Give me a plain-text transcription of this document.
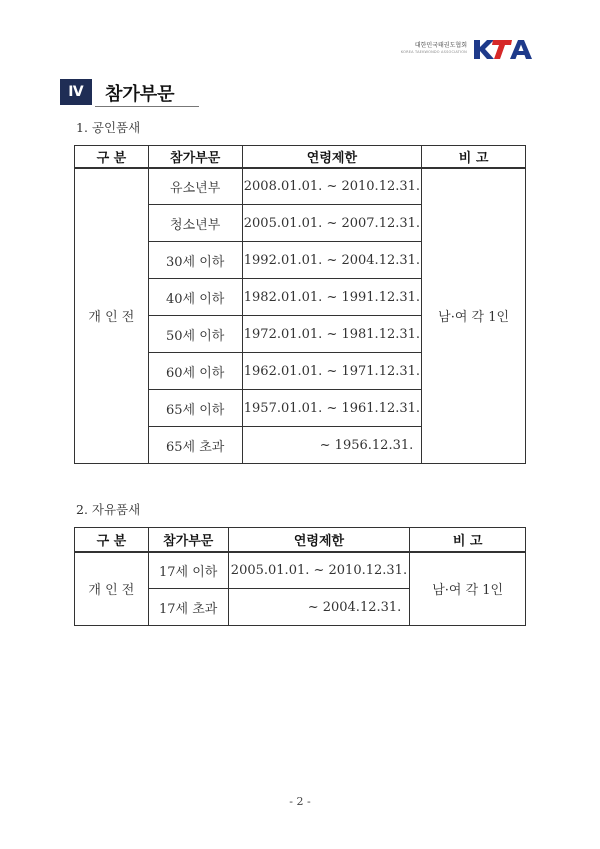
대한민국태권도협회
KOREA TAEKWONDO ASSOCIATION
Ⅳ	참가부문
1. 공인품새
구 분	참가부문	연령제한	비 고
개 인 전	유소년부	2008.01.01. ~ 2010.12.31.	남·여 각 1인
	청소년부	2005.01.01. ~ 2007.12.31.	
	30세 이하	1992.01.01. ~ 2004.12.31.	
	40세 이하	1982.01.01. ~ 1991.12.31.	
	50세 이하	1972.01.01. ~ 1981.12.31.	
	60세 이하	1962.01.01. ~ 1971.12.31.	
	65세 이하	1957.01.01. ~ 1961.12.31.	
	65세 초과	~ 1956.12.31.	
2. 자유품새
구 분	참가부문	연령제한	비 고
개 인 전	17세 이하	2005.01.01. ~ 2010.12.31.	남·여 각 1인
	17세 초과	~ 2004.12.31.	
- 2 -
